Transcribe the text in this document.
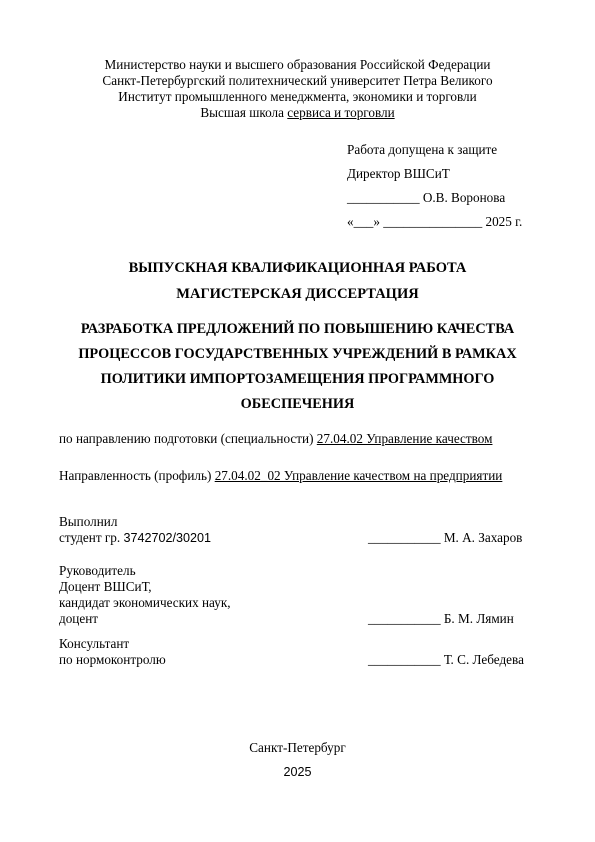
Министерство науки и высшего образования Российской Федерации
Санкт-Петербургский политехнический университет Петра Великого
Институт промышленного менеджмента, экономики и торговли
Высшая школа сервиса и торговли
Работа допущена к защите
Директор ВШСиТ
___________ О.В. Воронова
«___» _______________ 2025 г.
ВЫПУСКНАЯ КВАЛИФИКАЦИОННАЯ РАБОТА
МАГИСТЕРСКАЯ ДИССЕРТАЦИЯ
РАЗРАБОТКА ПРЕДЛОЖЕНИЙ ПО ПОВЫШЕНИЮ КАЧЕСТВА
ПРОЦЕССОВ ГОСУДАРСТВЕННЫХ УЧРЕЖДЕНИЙ В РАМКАХ
ПОЛИТИКИ ИМПОРТОЗАМЕЩЕНИЯ ПРОГРАММНОГО
ОБЕСПЕЧЕНИЯ
по направлению подготовки (специальности) 27.04.02 Управление качеством
Направленность (профиль) 27.04.02_02 Управление качеством на предприятии
Выполнил
студент гр. 3742702/30201	___________ М. А. Захаров
Руководитель
Доцент ВШСиТ,
кандидат экономических наук,
доцент	___________ Б. М. Лямин
Консультант
по нормоконтролю	___________ Т. С. Лебедева
Санкт-Петербург
2025
